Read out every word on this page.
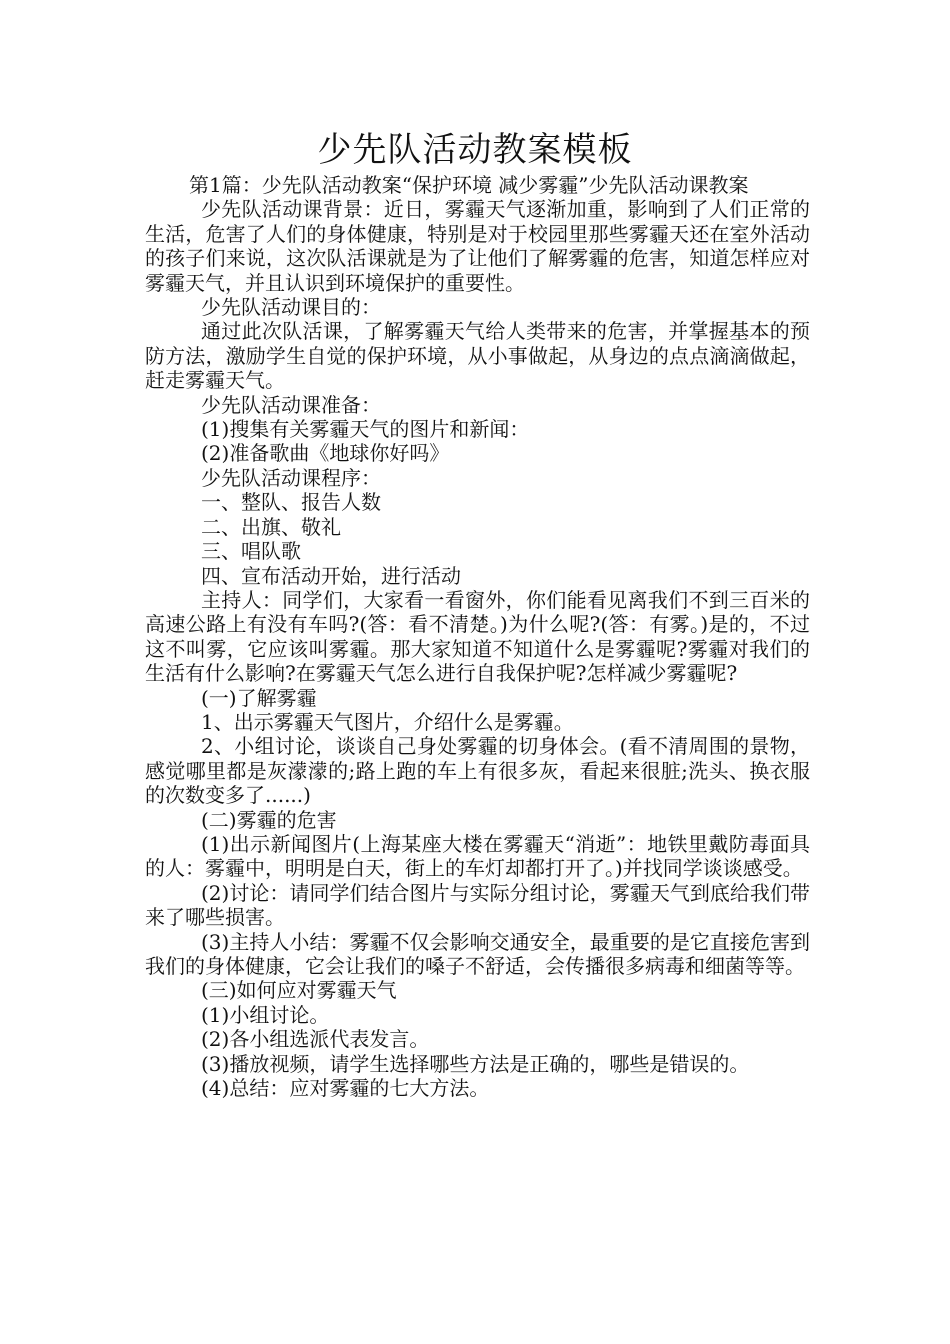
少先队活动教案模板

第1篇：少先队活动教案“保护环境 减少雾霾”少先队活动课教案

少先队活动课背景：近日，雾霾天气逐渐加重，影响到了人们正常的生活，危害了人们的身体健康，特别是对于校园里那些雾霾天还在室外活动的孩子们来说，这次队活课就是为了让他们了解雾霾的危害，知道怎样应对雾霾天气，并且认识到环境保护的重要性。

少先队活动课目的：

通过此次队活课，了解雾霾天气给人类带来的危害，并掌握基本的预防方法，激励学生自觉的保护环境，从小事做起，从身边的点点滴滴做起，赶走雾霾天气。

少先队活动课准备：

(1)搜集有关雾霾天气的图片和新闻：

(2)准备歌曲《地球你好吗》

少先队活动课程序：

一、整队、报告人数

二、出旗、敬礼

三、唱队歌

四、宣布活动开始，进行活动

主持人：同学们，大家看一看窗外，你们能看见离我们不到三百米的高速公路上有没有车吗?(答：看不清楚。)为什么呢?(答：有雾。)是的，不过这不叫雾，它应该叫雾霾。那大家知道不知道什么是雾霾呢?雾霾对我们的生活有什么影响?在雾霾天气怎么进行自我保护呢?怎样减少雾霾呢?

(一)了解雾霾

1、出示雾霾天气图片，介绍什么是雾霾。

2、小组讨论，谈谈自己身处雾霾的切身体会。(看不清周围的景物，感觉哪里都是灰濛濛的;路上跑的车上有很多灰，看起来很脏;洗头、换衣服的次数变多了......)

(二)雾霾的危害

(1)出示新闻图片(上海某座大楼在雾霾天“消逝”：地铁里戴防毒面具的人：雾霾中，明明是白天，街上的车灯却都打开了。)并找同学谈谈感受。

(2)讨论：请同学们结合图片与实际分组讨论，雾霾天气到底给我们带来了哪些损害。

(3)主持人小结：雾霾不仅会影响交通安全，最重要的是它直接危害到我们的身体健康，它会让我们的嗓子不舒适，会传播很多病毒和细菌等等。

(三)如何应对雾霾天气

(1)小组讨论。

(2)各小组选派代表发言。

(3)播放视频，请学生选择哪些方法是正确的，哪些是错误的。

(4)总结：应对雾霾的七大方法。
